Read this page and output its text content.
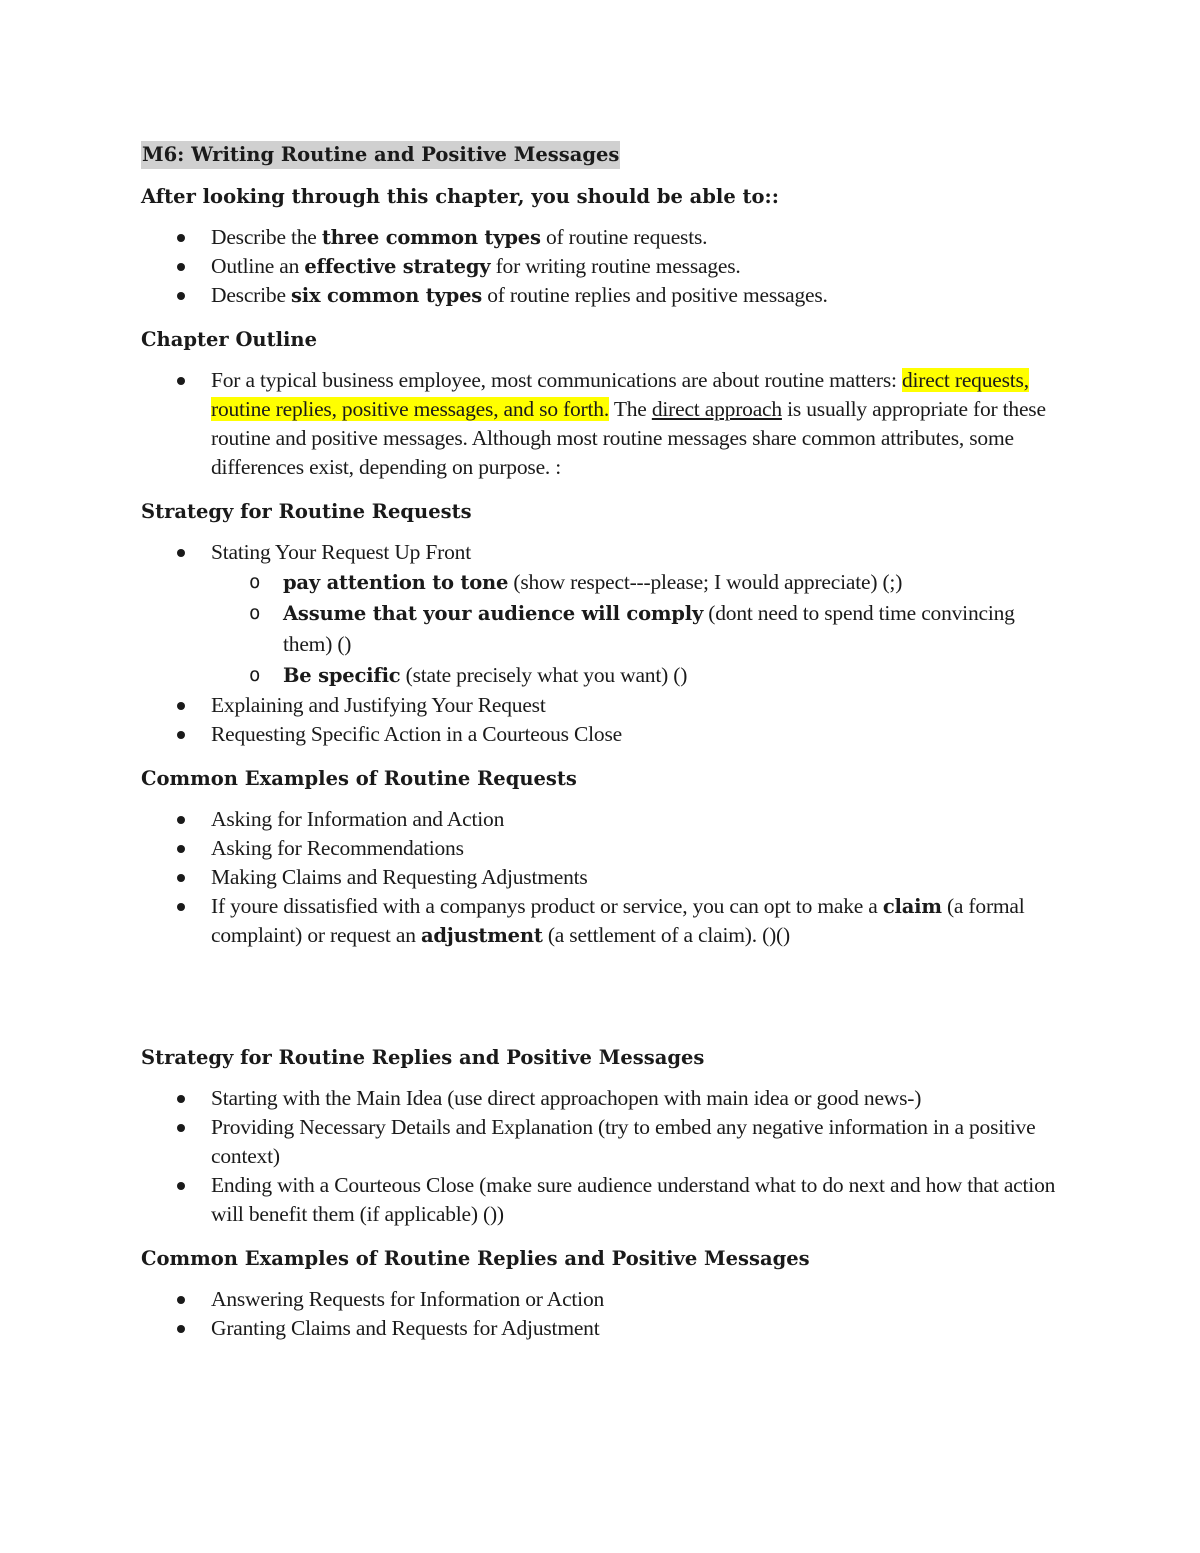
M6: Writing Routine and Positive Messages
After looking through this chapter, you should be able to::
Describe the three common types of routine requests.
Outline an effective strategy for writing routine messages.
Describe six common types of routine replies and positive messages.
Chapter Outline
For a typical business employee, most communications are about routine matters: direct requests, routine replies, positive messages, and so forth. The direct approach is usually appropriate for these routine and positive messages. Although most routine messages share common attributes, some differences exist, depending on purpose. :
Strategy for Routine Requests
Stating Your Request Up Front
o pay attention to tone (show respect---please; I would appreciate) (;)
o Assume that your audience will comply (dont need to spend time convincing them) ()
o Be specific (state precisely what you want) ()
Explaining and Justifying Your Request
Requesting Specific Action in a Courteous Close
Common Examples of Routine Requests
Asking for Information and Action
Asking for Recommendations
Making Claims and Requesting Adjustments
If youre dissatisfied with a companys product or service, you can opt to make a claim (a formal complaint) or request an adjustment (a settlement of a claim). ()()
Strategy for Routine Replies and Positive Messages
Starting with the Main Idea (use direct approachopen with main idea or good news-)
Providing Necessary Details and Explanation (try to embed any negative information in a positive context)
Ending with a Courteous Close (make sure audience understand what to do next and how that action will benefit them (if applicable) ())
Common Examples of Routine Replies and Positive Messages
Answering Requests for Information or Action
Granting Claims and Requests for Adjustment
